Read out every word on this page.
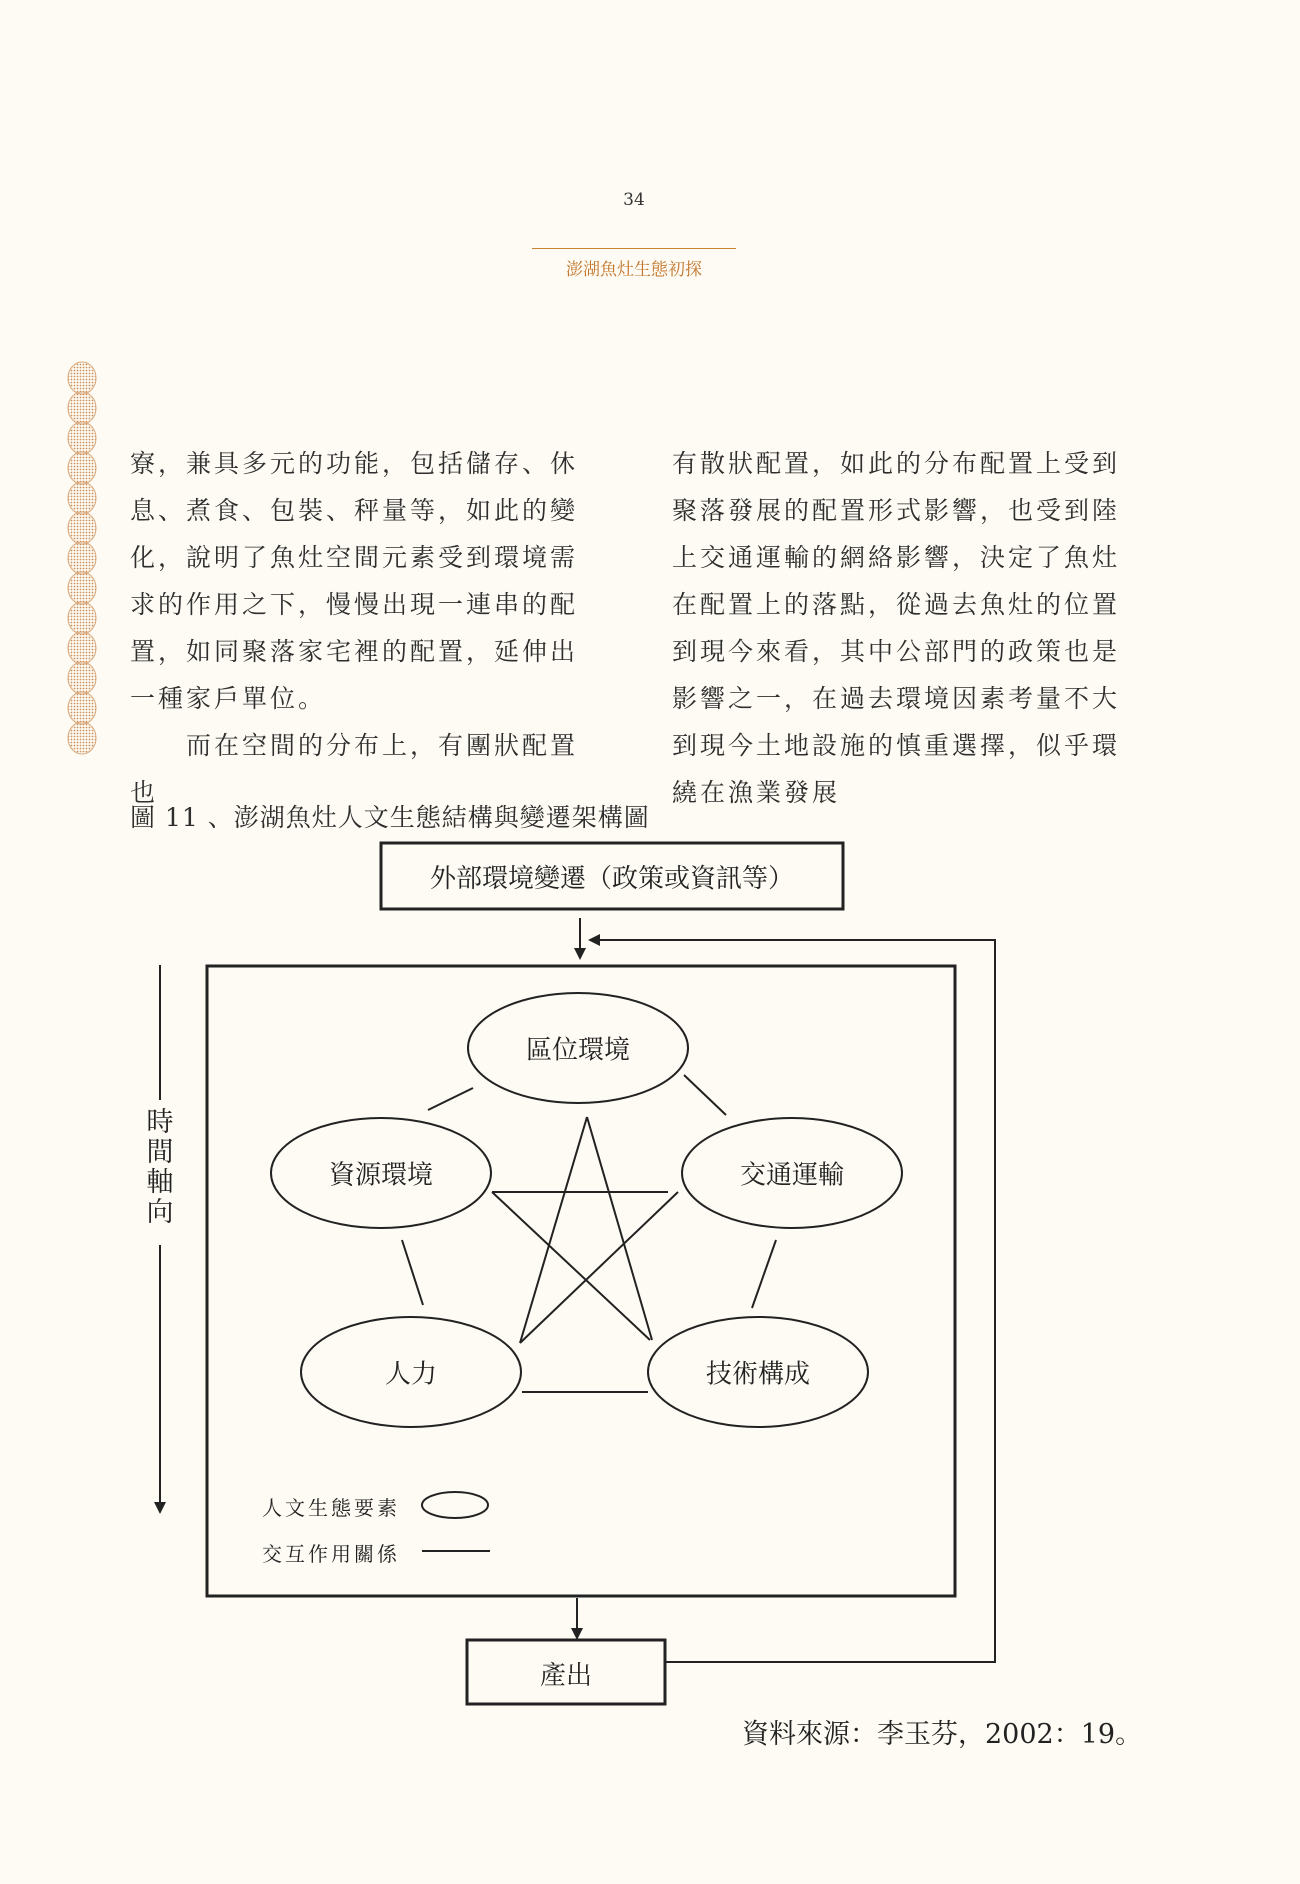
34
澎湖魚灶生態初探

寮，兼具多元的功能，包括儲存、休息、煮食、包裝、秤量等，如此的變化，說明了魚灶空間元素受到環境需求的作用之下，慢慢出現一連串的配置，如同聚落家宅裡的配置，延伸出一種家戶單位。

而在空間的分布上，有團狀配置也

有散狀配置，如此的分布配置上受到聚落發展的配置形式影響，也受到陸上交通運輸的網絡影響，決定了魚灶在配置上的落點，從過去魚灶的位置到現今來看，其中公部門的政策也是影響之一，在過去環境因素考量不大到現今土地設施的慎重選擇，似乎環繞在漁業發展

圖 11 、澎湖魚灶人文生態結構與變遷架構圖
外部環境變遷（政策或資訊等）
產出
區位環境
資源環境	交通運輸
人力	技術構成
時間軸向
人文生態要素
交互作用關係
資料來源：李玉芬，2002：19。
